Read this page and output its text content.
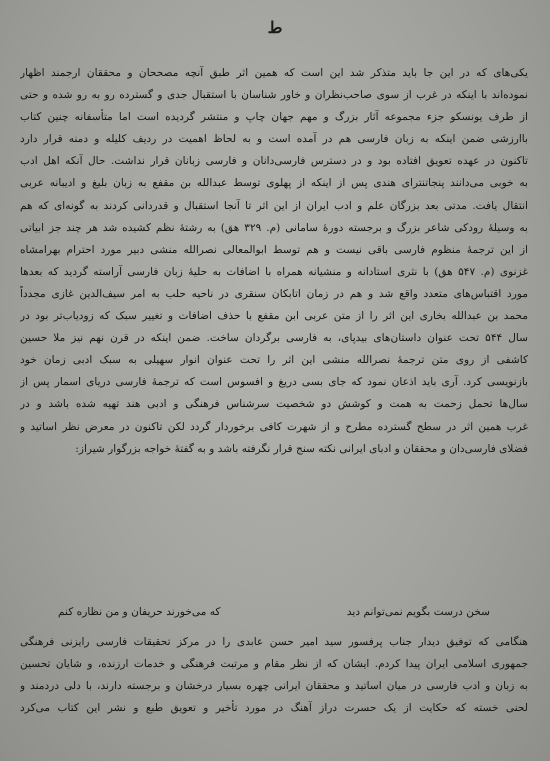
ط
یکی‌های که در این جا باید متذکر شد این است که همین اثر طبق آنچه مصححان و محققان ارجمند اظهار
نموده‌اند با اینکه در غرب از سوی صاحب‌نظران و خاور شناسان با استقبال جدی و گسترده رو به رو شده و حتی
از طرف یونسکو جزء مجموعه آثار بزرگ و مهم جهان چاپ و منتشر گردیده است اما متأسفانه چنین کتاب
باارزشی ضمن اینکه به زبان فارسی هم در آمده است و به لحاظ اهمیت در ردیف کلیله و دمنه قرار دارد
تاکنون در عهده تعویق افتاده بود و در دسترس فارسی‌دانان و فارسی زبانان قرار نداشت. حال آنکه اهل ادب
به خوبی می‌دانند پنجاتنترای هندی پس از اینکه از پهلوی توسط عبدالله بن مقفع به زبان بلیغ و ادیبانه عربی
انتقال یافت. مدتی بعد بزرگان علم و ادب ایران از این اثر تا آنجا استقبال و قدردانی کردند به گونه‌ای که هم
به وسیلهٔ رودکی شاعر بزرگ و برجسته دورهٔ سامانی (م. ۳۲۹ هق) به رشتهٔ نظم کشیده شد هر چند جز ابیاتی
از این ترجمهٔ منظوم فارسی باقی نیست و هم توسط ابوالمعالی نصرالله منشی دبیر مورد احترام بهرامشاه
غزنوی (م. ۵۴۷ هق) با نثری استادانه و منشیانه همراه با اضافات به حلیهٔ زبان فارسی آراسته گردید که بعدها
مورد اقتباس‌های متعدد واقع شد و هم در زمان اتابکان سنقری در ناحیه حلب به امر سیف‌الدین غازی مجدداً
محمد بن عبدالله بخاری این اثر را از متن عربی ابن مقفع با حذف اضافات و تغییر سبک که زودیاب‌تر بود در
سال ۵۴۴ تحت عنوان داستان‌های بیدپای، به فارسی برگردان ساخت. ضمن اینکه در قرن نهم نیز ملا حسین
کاشفی از روی متن ترجمهٔ نصرالله منشی این اثر را تحت عنوان انوار سهیلی به سبک ادبی زمان خود
بازنویسی کرد. آری باید اذعان نمود که جای بسی دریغ و افسوس است که ترجمهٔ فارسی دریای اسمار پس از
سال‌ها تحمل زحمت به همت و کوشش دو شخصیت سرشناس فرهنگی و ادبی هند تهیه شده باشد و در
غرب همین اثر در سطح گسترده مطرح و از شهرت کافی برخوردار گردد لکن تاکنون در معرض نظر اساتید و
فضلای فارسی‌دان و محققان و ادبای ایرانی نکته سنج قرار نگرفته باشد و به گفتهٔ خواجه بزرگوار شیراز:
سخن درست بگویم نمی‌توانم دید
که می‌خورند حریفان و من نظاره کنم
هنگامی که توفیق دیدار جناب پرفسور سید امیر حسن عابدی را در مرکز تحقیقات فارسی رایزنی فرهنگی
جمهوری اسلامی ایران پیدا کردم. ایشان که از نظر مقام و مرتبت فرهنگی و خدمات ارزنده، و شایان تحسین
به زبان و ادب فارسی در میان اساتید و محققان ایرانی چهره بسیار درخشان و برجسته دارند، با دلی دردمند و
لحنی خسته که حکایت از یک حسرت دراز آهنگ در مورد تأخیر و تعویق طبع و نشر این کتاب می‌کرد
